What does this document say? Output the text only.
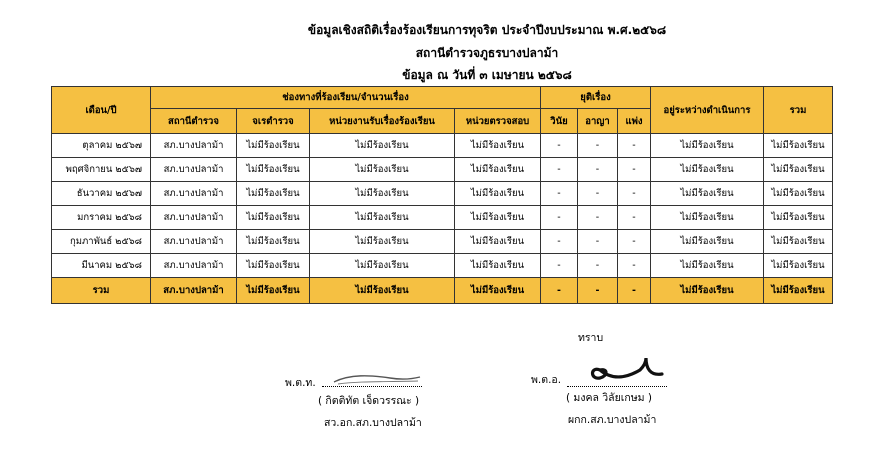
ข้อมูลเชิงสถิติเรื่องร้องเรียนการทุจริต ประจำปีงบประมาณ พ.ศ.๒๕๖๘
สถานีตำรวจภูธรบางปลาม้า
ข้อมูล ณ วันที่ ๓ เมษายน ๒๕๖๘
เดือน/ปี	ช่องทางที่ร้องเรียน/จำนวนเรื่อง				ยุติเรื่อง			อยู่ระหว่างดำเนินการ	รวม
	สถานีตำรวจ	จเรตำรวจ	หน่วยงานรับเรื่องร้องเรียน	หน่วยตรวจสอบ	วินัย	อาญา	แพ่ง		
ตุลาคม ๒๕๖๗	สภ.บางปลาม้า	ไม่มีร้องเรียน	ไม่มีร้องเรียน	ไม่มีร้องเรียน	-	-	-	ไม่มีร้องเรียน	ไม่มีร้องเรียน
พฤศจิกายน ๒๕๖๗	สภ.บางปลาม้า	ไม่มีร้องเรียน	ไม่มีร้องเรียน	ไม่มีร้องเรียน	-	-	-	ไม่มีร้องเรียน	ไม่มีร้องเรียน
ธันวาคม ๒๕๖๗	สภ.บางปลาม้า	ไม่มีร้องเรียน	ไม่มีร้องเรียน	ไม่มีร้องเรียน	-	-	-	ไม่มีร้องเรียน	ไม่มีร้องเรียน
มกราคม ๒๕๖๘	สภ.บางปลาม้า	ไม่มีร้องเรียน	ไม่มีร้องเรียน	ไม่มีร้องเรียน	-	-	-	ไม่มีร้องเรียน	ไม่มีร้องเรียน
กุมภาพันธ์ ๒๕๖๘	สภ.บางปลาม้า	ไม่มีร้องเรียน	ไม่มีร้องเรียน	ไม่มีร้องเรียน	-	-	-	ไม่มีร้องเรียน	ไม่มีร้องเรียน
มีนาคม ๒๕๖๘	สภ.บางปลาม้า	ไม่มีร้องเรียน	ไม่มีร้องเรียน	ไม่มีร้องเรียน	-	-	-	ไม่มีร้องเรียน	ไม่มีร้องเรียน
รวม	สภ.บางปลาม้า	ไม่มีร้องเรียน	ไม่มีร้องเรียน	ไม่มีร้องเรียน	-	-	-	ไม่มีร้องเรียน	ไม่มีร้องเรียน
ทราบ
พ.ต.ท.
( กิตติทัต เจ็ดวรรณะ )
สว.อก.สภ.บางปลาม้า
พ.ต.อ.
( มงคล วิลัยเกษม )
ผกก.สภ.บางปลาม้า
